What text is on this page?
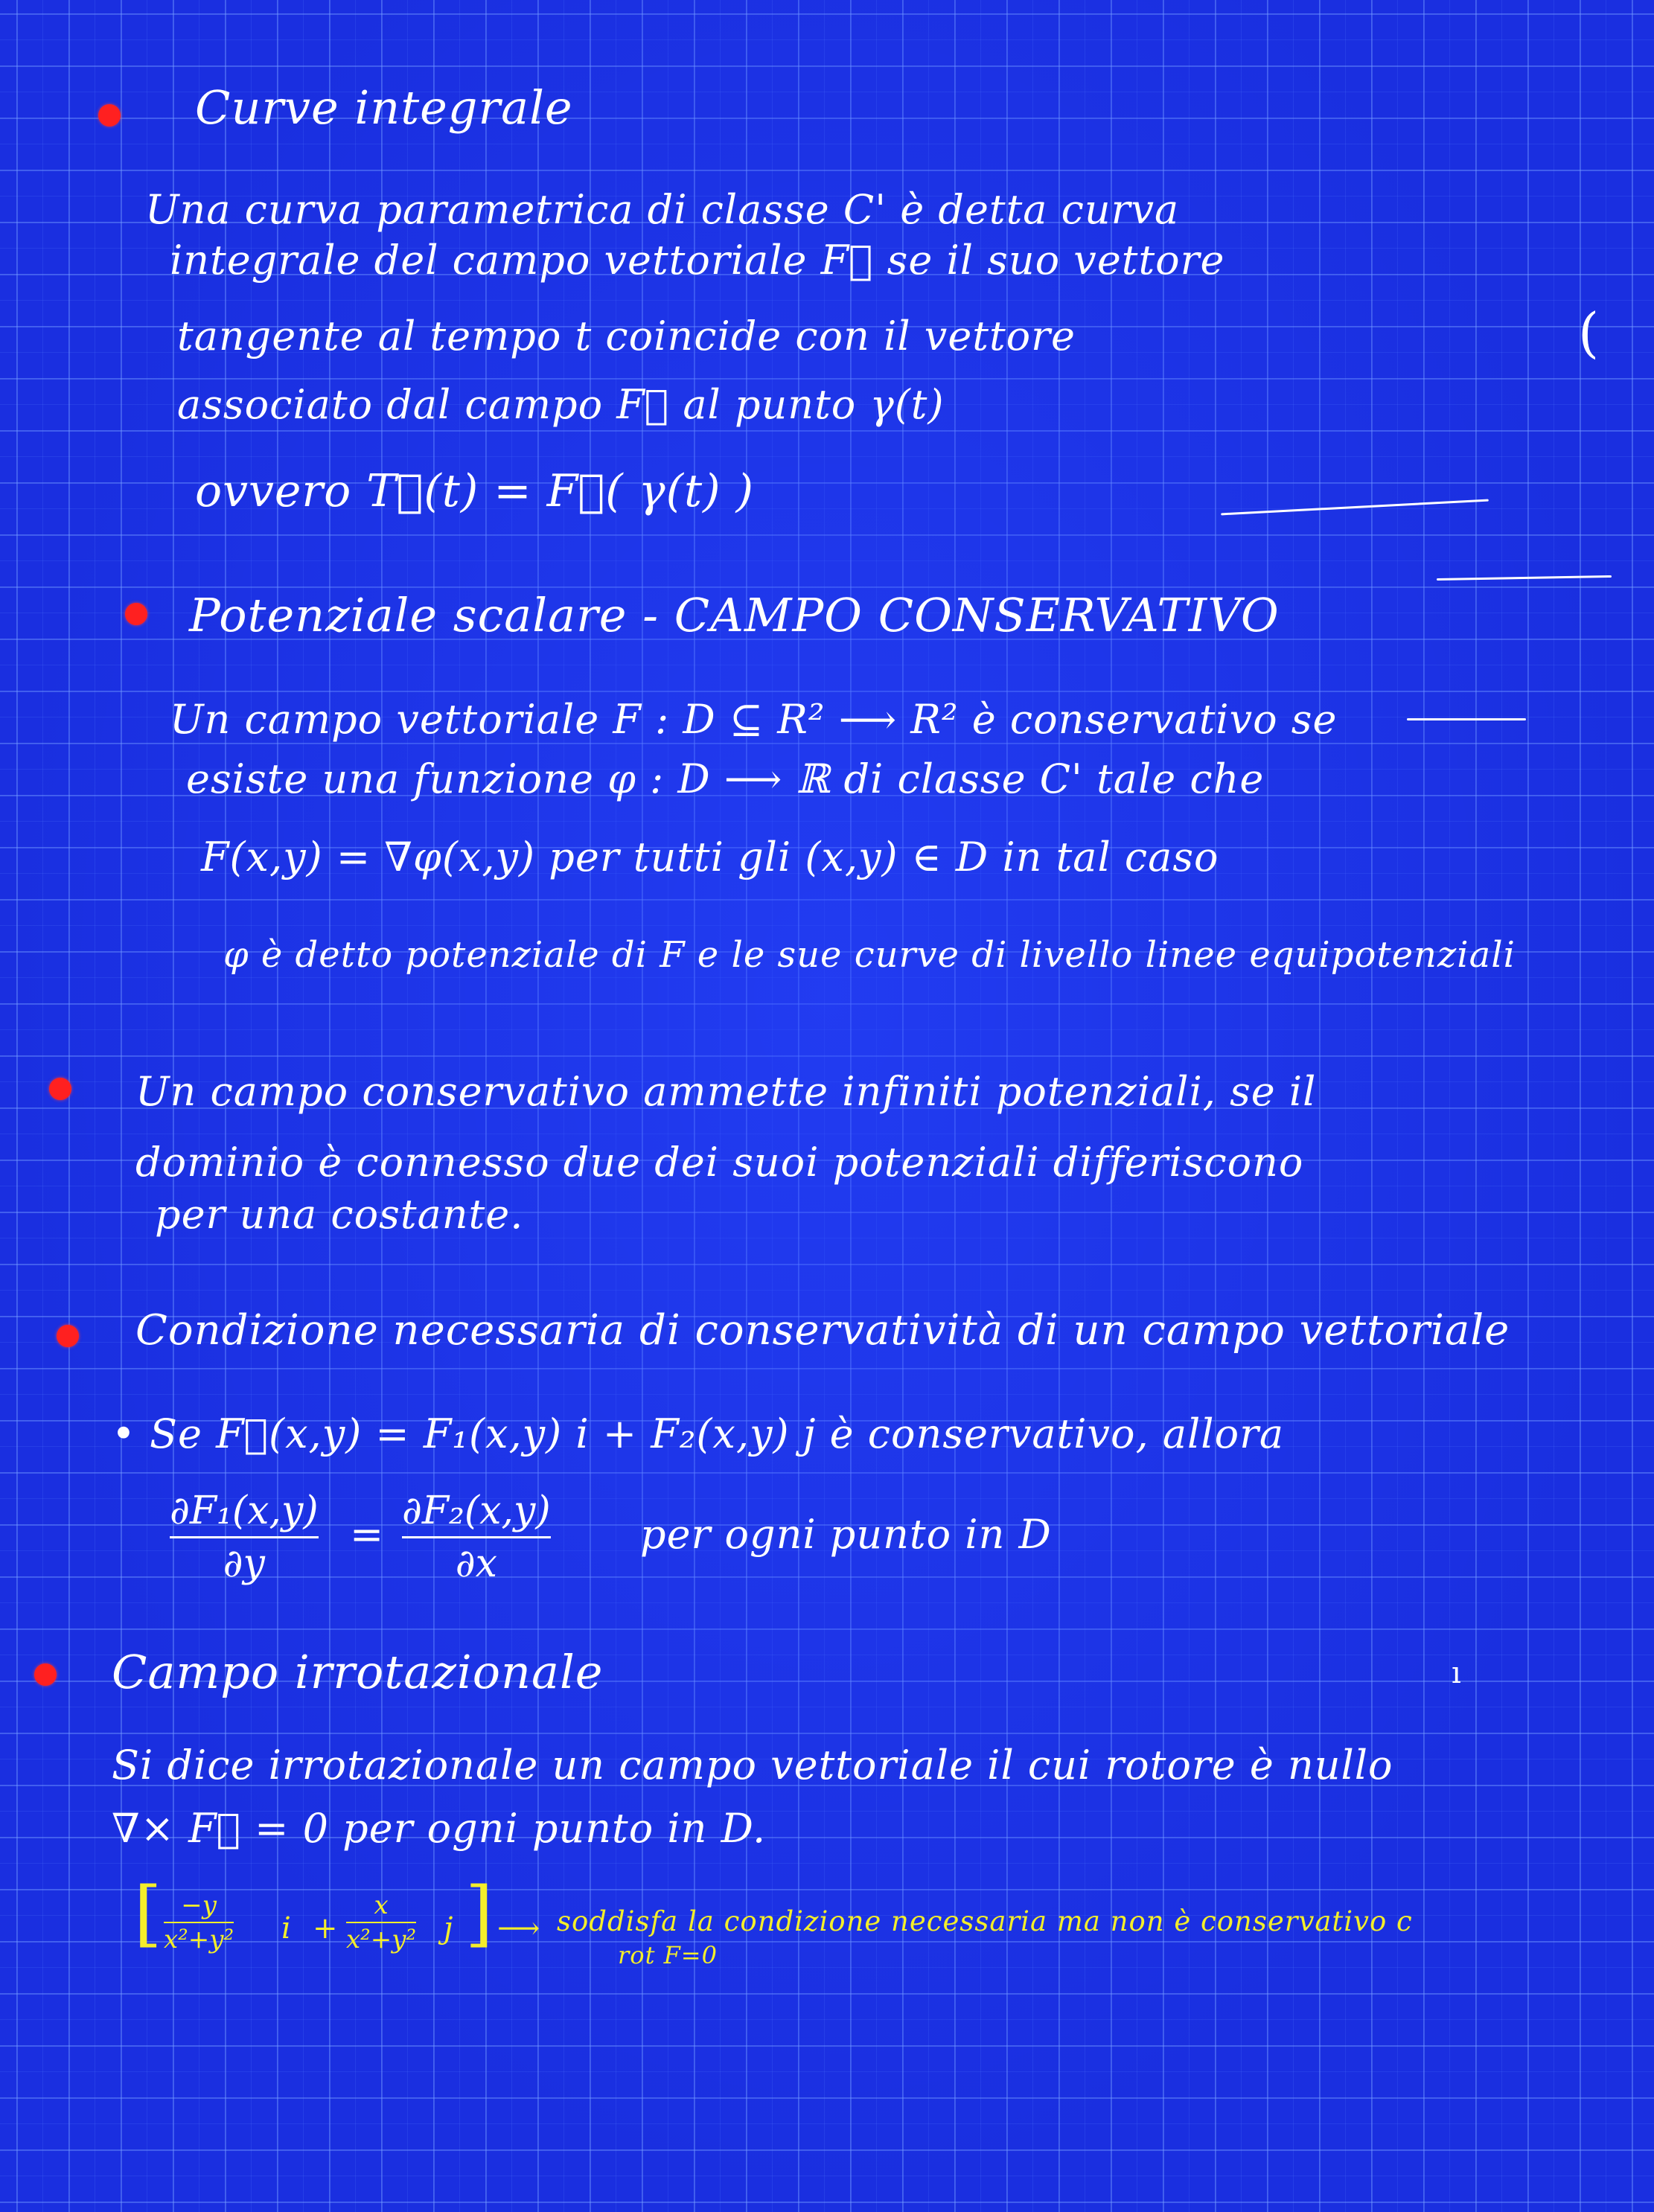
Curve integrale
Una curva parametrica di classe C' è detta curva
integrale del campo vettoriale F⃗ se il suo vettore
tangente al tempo t coincide con il vettore
associato dal campo F⃗ al punto γ(t)
ovvero T⃗(t) = F⃗( γ(t) )
(
Potenziale scalare - CAMPO CONSERVATIVO
Un campo vettoriale F : D ⊆ R² ⟶ R² è conservativo se
esiste una funzione φ : D ⟶ ℝ di classe C' tale che
F(x,y) = ∇φ(x,y) per tutti gli (x,y) ∈ D in tal caso
φ è detto potenziale di F e le sue curve di livello linee equipotenziali
Un campo conservativo ammette infiniti potenziali, se il
dominio è connesso due dei suoi potenziali differiscono
per una costante.
Condizione necessaria di conservatività di un campo vettoriale
• Se F⃗(x,y) = F₁(x,y) i + F₂(x,y) j è conservativo, allora
∂F₁(x,y)
∂y
= ∂F₂(x,y)
∂x
per ogni punto in D
Campo irrotazionale
Si dice irrotazionale un campo vettoriale il cui rotore è nullo
∇× F⃗ = 0 per ogni punto in D.
ı
[ −y
x²+y² i +
x
x²+y² j ] ⟶ soddisfa la condizione necessaria ma non è conservativo c
rot F=0
